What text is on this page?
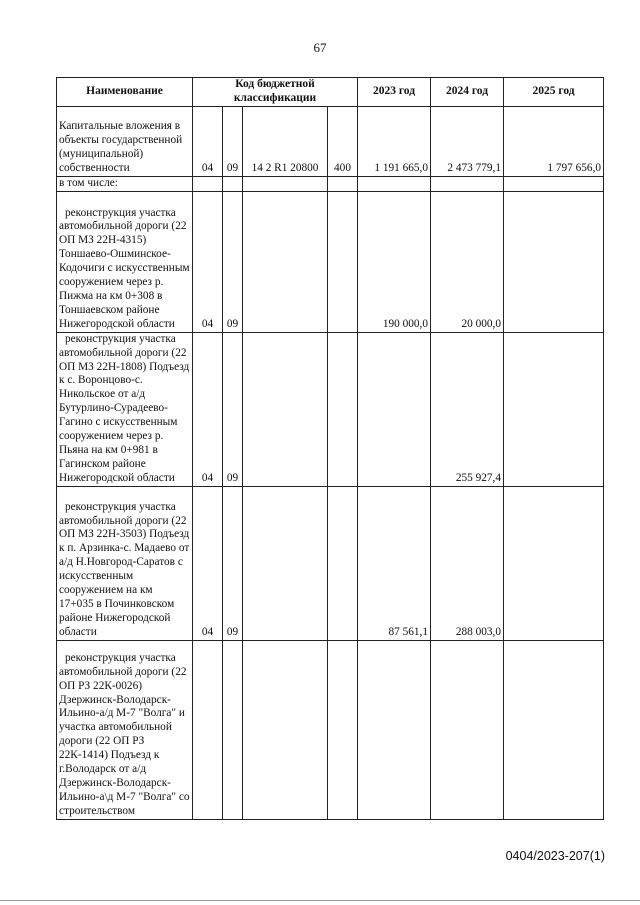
67
Наименование	Код бюджетной классификации				2023 год	2024 год	2025 год
Капитальные вложения в объекты государственной (муниципальной) собственности	04	09	14 2 R1 20800	400	1 191 665,0	2 473 779,1	1 797 656,0
в том числе:							
реконструкция участка автомобильной дороги (22 ОП МЗ 22Н-4315) Тоншаево-Ошминское-Кодочиги с искусственным сооружением через р. Пижма на км 0+308 в Тоншаевском районе Нижегородской области	04	09			190 000,0	20 000,0	
реконструкция участка автомобильной дороги (22 ОП МЗ 22Н-1808) Подъезд к с. Воронцово-с. Никольское от а/д Бутурлино-Сурадеево-Гагино с искусственным сооружением через р. Пьяна на км 0+981 в Гагинском районе Нижегородской области	04	09				255 927,4	
реконструкция участка автомобильной дороги (22 ОП МЗ 22Н-3503) Подъезд к п. Арзинка-с. Мадаево от а/д Н.Новгород-Саратов с искусственным сооружением на км 17+035 в Починковском районе Нижегородской области	04	09			87 561,1	288 003,0	
реконструкция участка автомобильной дороги (22 ОП РЗ 22К-0026) Дзержинск-Володарск-Ильино-а/д М-7 "Волга" и участка автомобильной дороги (22 ОП РЗ 22К-1414) Подъезд к г.Володарск от а/д Дзержинск-Володарск-Ильино-а\д М-7 "Волга" со строительством							
0404/2023-207(1)
